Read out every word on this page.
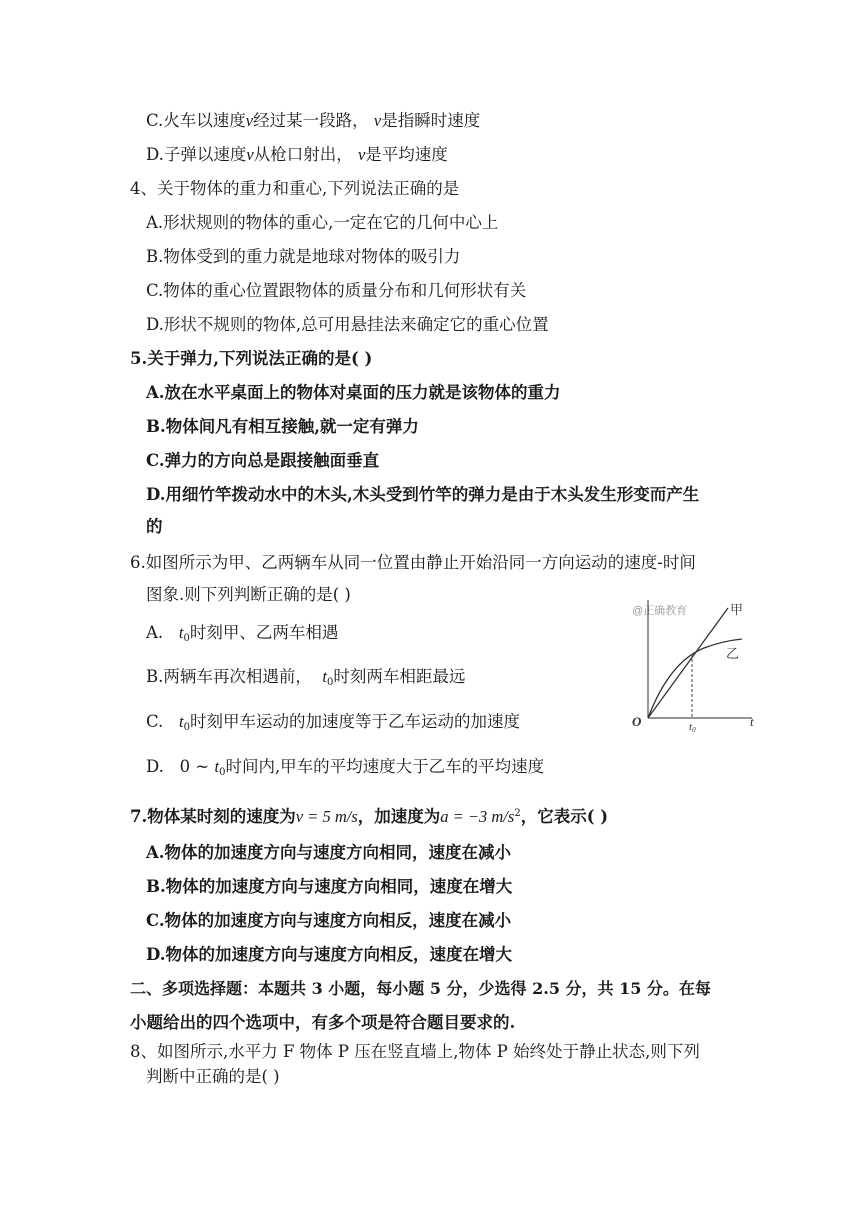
C.火车以速度v经过某一段路， v是指瞬时速度
D.子弹以速度v从枪口射出， v是平均速度
4、关于物体的重力和重心,下列说法正确的是
A.形状规则的物体的重心,一定在它的几何中心上
B.物体受到的重力就是地球对物体的吸引力
C.物体的重心位置跟物体的质量分布和几何形状有关
D.形状不规则的物体,总可用悬挂法来确定它的重心位置
5.关于弹力,下列说法正确的是( )
A.放在水平桌面上的物体对桌面的压力就是该物体的重力
B.物体间凡有相互接触,就一定有弹力
C.弹力的方向总是跟接触面垂直
D.用细竹竿拨动水中的木头,木头受到竹竿的弹力是由于木头发生形变而产生
的
6.如图所示为甲、乙两辆车从同一位置由静止开始沿同一方向运动的速度-时间
图象.则下列判断正确的是( )
A. $t_0$时刻甲、乙两车相遇
B.两辆车再次相遇前， $t_0$时刻两车相距最远
C. $t_0$时刻甲车运动的加速度等于乙车运动的加速度
D. 0 ~ $t_0$时间内,甲车的平均速度大于乙车的平均速度
@正确教育	甲
乙
O	t
t0
7.物体某时刻的速度为v = 5 m/s，加速度为a = −3 $m/s^2$，它表示( )
A.物体的加速度方向与速度方向相同，速度在减小
B.物体的加速度方向与速度方向相同，速度在增大
C.物体的加速度方向与速度方向相反，速度在减小
D.物体的加速度方向与速度方向相反，速度在增大
二、多项选择题：本题共 3 小题，每小题 5 分，少选得 2.5 分，共 15 分。在每
小题给出的四个选项中，有多个项是符合题目要求的.
8、如图所示,水平力 F 物体 P 压在竖直墙上,物体 P 始终处于静止状态,则下列
判断中正确的是( )
